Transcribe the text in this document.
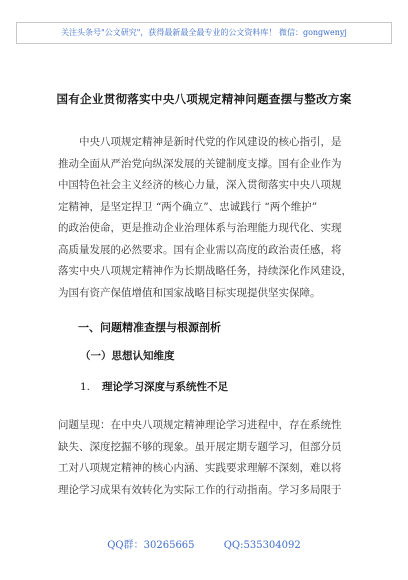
关注头条号"公文研究"，获得最新最全最专业的公文资料库！ 微信：gongwenyj
国有企业贯彻落实中央八项规定精神问题查摆与整改方案
中央八项规定精神是新时代党的作风建设的核心指引，是
推动全面从严治党向纵深发展的关键制度支撑。国有企业作为
中国特色社会主义经济的核心力量，深入贯彻落实中央八项规
定精神，是坚定捍卫 “两个确立”、忠诚践行 “两个维护”
的政治使命，更是推动企业治理体系与治理能力现代化、实现
高质量发展的必然要求。国有企业需以高度的政治责任感，将
落实中央八项规定精神作为长期战略任务，持续深化作风建设，
为国有资产保值增值和国家战略目标实现提供坚实保障。
一、问题精准查摆与根源剖析
（一）思想认知维度
1. 理论学习深度与系统性不足
问题呈现：在中央八项规定精神理论学习进程中，存在系统性
缺失、深度挖掘不够的现象。虽开展定期专题学习，但部分员
工对八项规定精神的核心内涵、实践要求理解不深刻，难以将
理论学习成果有效转化为实际工作的行动指南。学习多局限于
QQ群：30265665	QQ:535304092
